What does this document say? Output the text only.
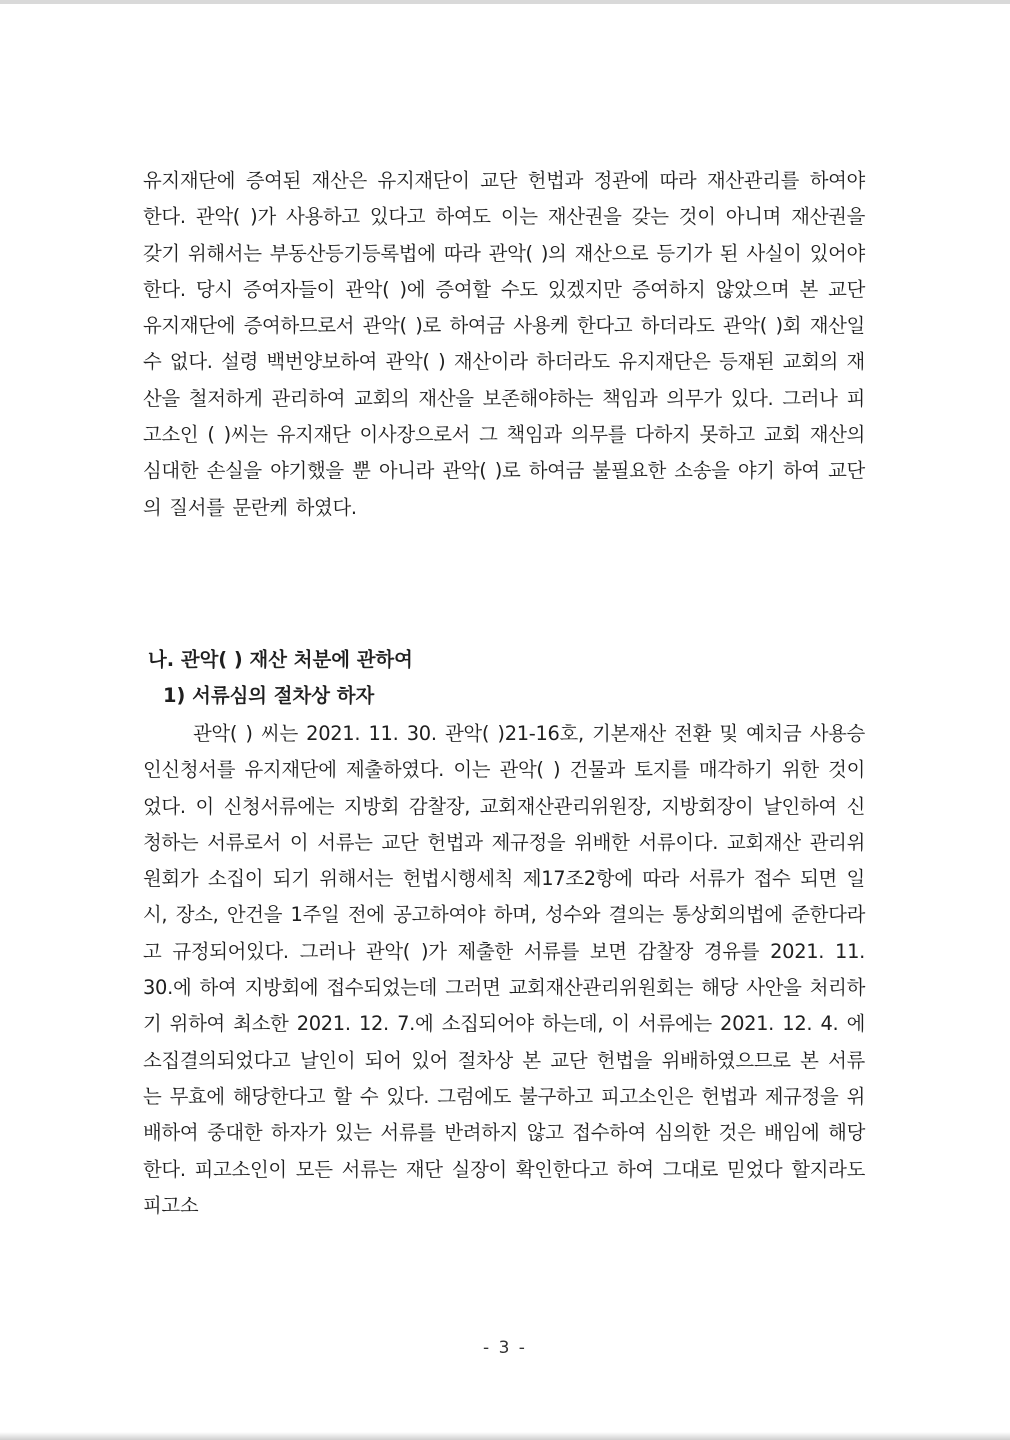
유지재단에 증여된 재산은 유지재단이 교단 헌법과 정관에 따라 재산관리를 하여야 한다. 관악( )가 사용하고 있다고 하여도 이는 재산권을 갖는 것이 아니며 재산권을 갖기 위해서는 부동산등기등록법에 따라 관악( )의 재산으로 등기가 된 사실이 있어야 한다. 당시 증여자들이 관악( )에 증여할 수도 있겠지만 증여하지 않았으며 본 교단 유지재단에 증여하므로서 관악( )로 하여금 사용케 한다고 하더라도 관악( )회 재산일 수 없다. 설령 백번양보하여 관악( ) 재산이라 하더라도 유지재단은 등재된 교회의 재산을 철저하게 관리하여 교회의 재산을 보존해야하는 책임과 의무가 있다. 그러나 피고소인 ( )씨는 유지재단 이사장으로서 그 책임과 의무를 다하지 못하고 교회 재산의 심대한 손실을 야기했을 뿐 아니라 관악( )로 하여금 불필요한 소송을 야기 하여 교단의 질서를 문란케 하였다.

나. 관악( ) 재산 처분에 관하여

1) 서류심의 절차상 하자

관악( ) 씨는 2021. 11. 30. 관악( )21-16호, 기본재산 전환 및 예치금 사용승인신청서를 유지재단에 제출하였다. 이는 관악( ) 건물과 토지를 매각하기 위한 것이었다. 이 신청서류에는 지방회 감찰장, 교회재산관리위원장, 지방회장이 날인하여 신청하는 서류로서 이 서류는 교단 헌법과 제규정을 위배한 서류이다. 교회재산 관리위원회가 소집이 되기 위해서는 헌법시행세칙 제17조2항에 따라 서류가 접수 되면 일시, 장소, 안건을 1주일 전에 공고하여야 하며, 성수와 결의는 통상회의법에 준한다라고 규정되어있다. 그러나 관악( )가 제출한 서류를 보면 감찰장 경유를 2021. 11. 30.에 하여 지방회에 접수되었는데 그러면 교회재산관리위원회는 해당 사안을 처리하기 위하여 최소한 2021. 12. 7.에 소집되어야 하는데, 이 서류에는 2021. 12. 4. 에 소집결의되었다고 날인이 되어 있어 절차상 본 교단 헌법을 위배하였으므로 본 서류는 무효에 해당한다고 할 수 있다. 그럼에도 불구하고 피고소인은 헌법과 제규정을 위배하여 중대한 하자가 있는 서류를 반려하지 않고 접수하여 심의한 것은 배임에 해당한다. 피고소인이 모든 서류는 재단 실장이 확인한다고 하여 그대로 믿었다 할지라도 피고소

- 3 -
